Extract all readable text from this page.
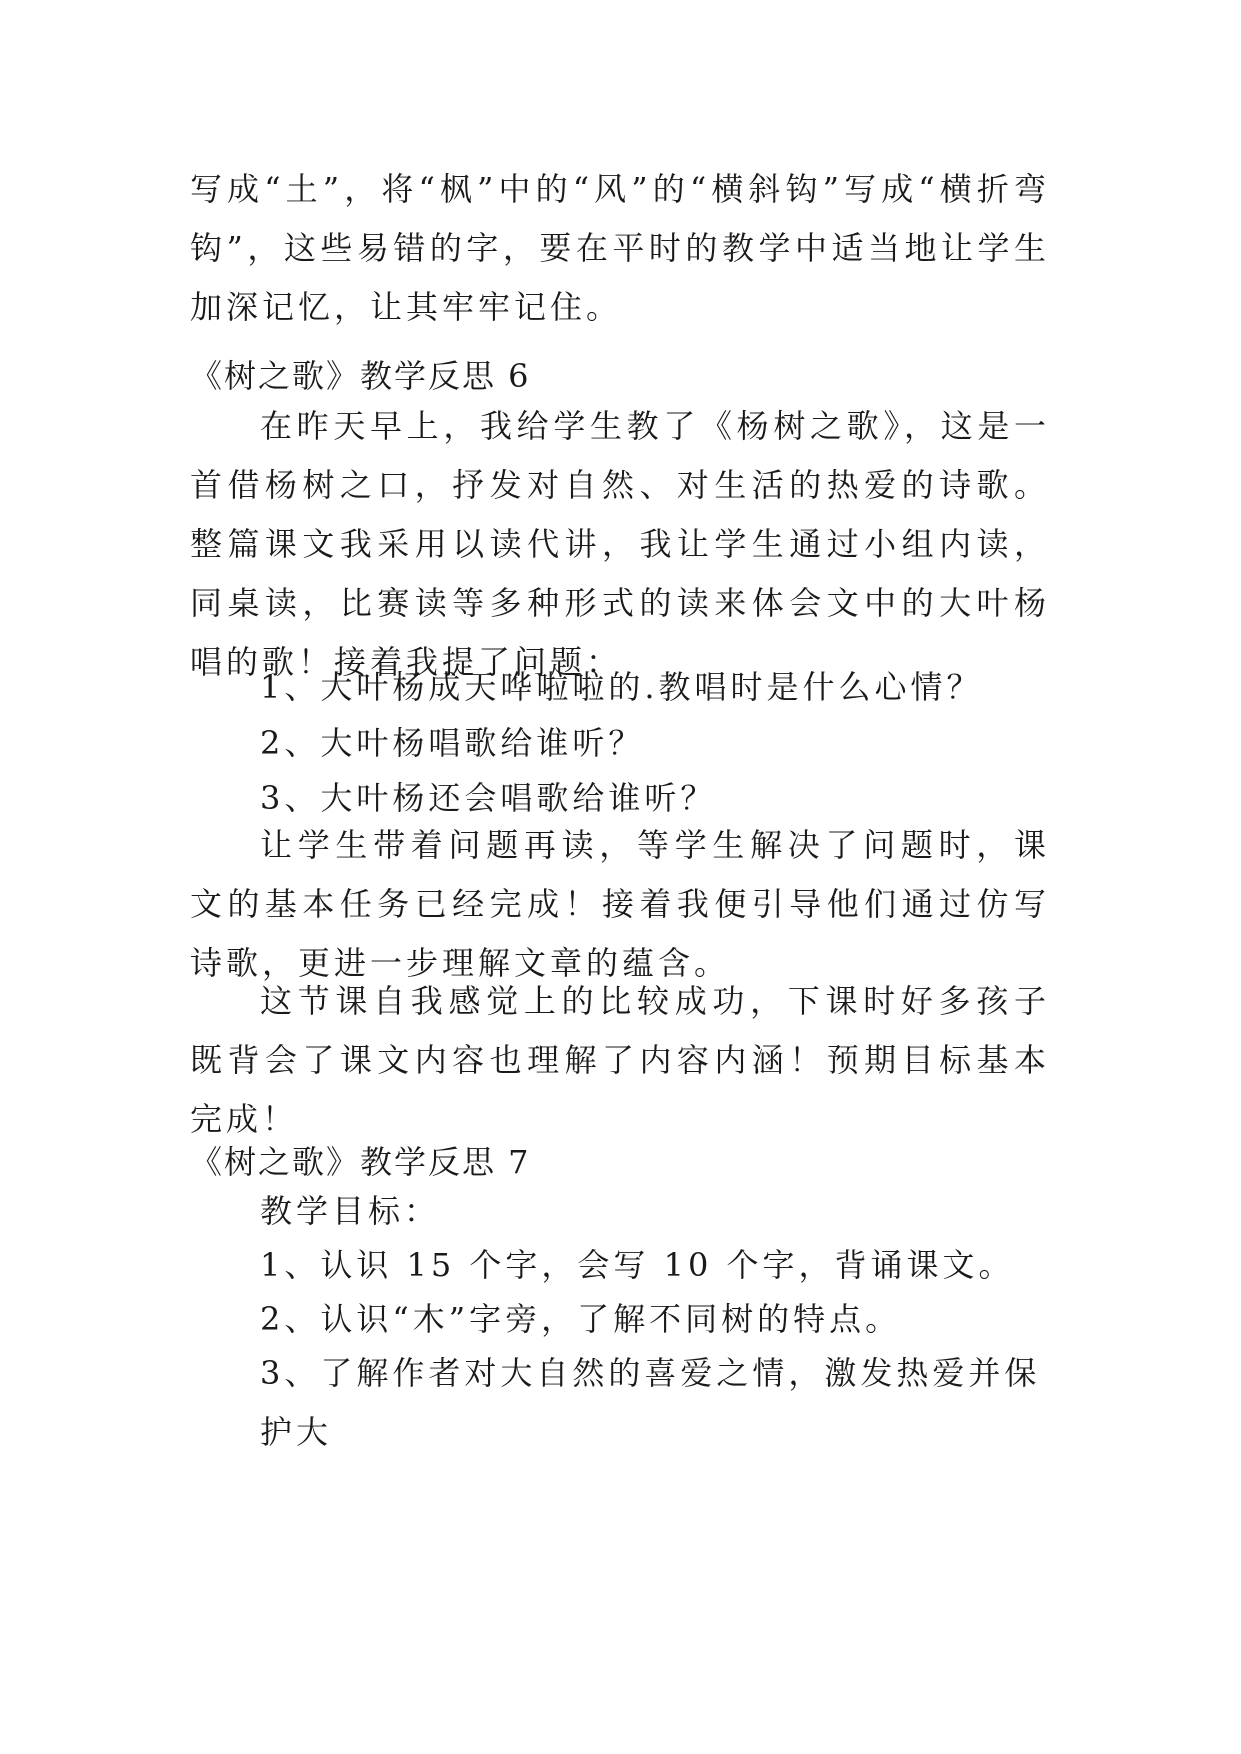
写成“土”，将“枫”中的“风”的“横斜钩”写成“横折弯钩”，这些易错的字，要在平时的教学中适当地让学生加深记忆，让其牢牢记住。

《树之歌》教学反思 6

在昨天早上，我给学生教了《杨树之歌》，这是一首借杨树之口，抒发对自然、对生活的热爱的诗歌。整篇课文我采用以读代讲，我让学生通过小组内读，同桌读，比赛读等多种形式的读来体会文中的大叶杨唱的歌！接着我提了问题：

1、大叶杨成天哗啦啦的.教唱时是什么心情？

2、大叶杨唱歌给谁听？

3、大叶杨还会唱歌给谁听？

让学生带着问题再读，等学生解决了问题时，课文的基本任务已经完成！接着我便引导他们通过仿写诗歌，更进一步理解文章的蕴含。

这节课自我感觉上的比较成功，下课时好多孩子既背会了课文内容也理解了内容内涵！预期目标基本完成！

《树之歌》教学反思 7

教学目标：

1、认识 15 个字，会写 10 个字，背诵课文。

2、认识“木”字旁，了解不同树的特点。

3、了解作者对大自然的喜爱之情，激发热爱并保护大
